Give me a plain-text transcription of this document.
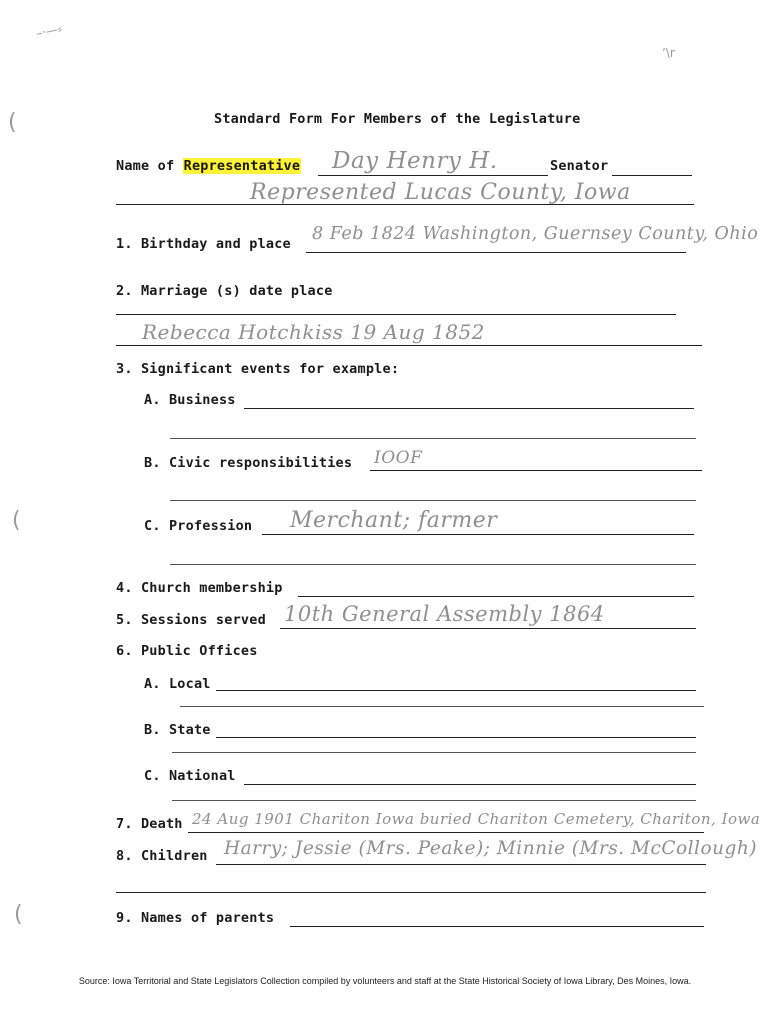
–·—⸗
ʼ\r
(
(
(
Standard Form For Members of the Legislature
Name of Representative Day Henry H.	Senator
Represented Lucas County, Iowa
1. Birthday and place 8 Feb 1824 Washington, Guernsey County, Ohio
2. Marriage (s) date place
Rebecca Hotchkiss 19 Aug 1852
3. Significant events for example:
A. Business
B. Civic responsibilities IOOF
C. Profession Merchant; farmer
4. Church membership
5. Sessions served 10th General Assembly 1864
6. Public Offices
A. Local
B. State
C. National
7. Death 24 Aug 1901 Chariton Iowa buried Chariton Cemetery, Chariton, Iowa
8. Children Harry; Jessie (Mrs. Peake); Minnie (Mrs. McCollough)
9. Names of parents
Source: Iowa Territorial and State Legislators Collection compiled by volunteers and staff at the State Historical Society of Iowa Library, Des Moines, Iowa.
